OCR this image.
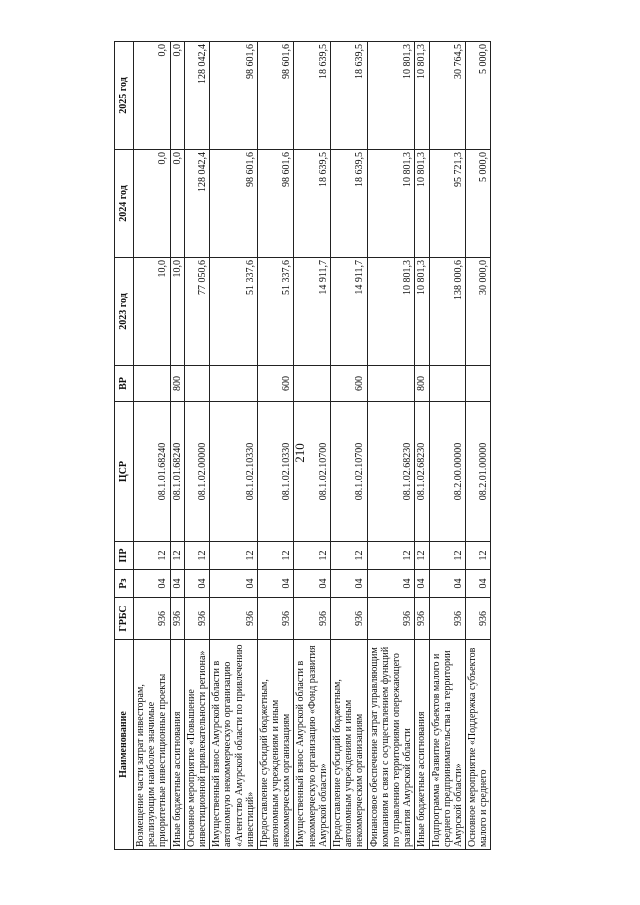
210
Наименование	ГРБС	Рз	ПР	ЦСР	ВР	2023 год	2024 год	2025 год
Возмещение части затрат инвесторам, реализующим наиболее значимые приоритетные инвестиционные проекты	936	04	12	08.1.01.68240		10,0	0,0	0,0
Иные бюджетные ассигнования	936	04	12	08.1.01.68240	800	10,0	0,0	0,0
Основное мероприятие «Повышение инвестиционной привлекательности региона»	936	04	12	08.1.02.00000		77 050,6	128 042,4	128 042,4
Имущественный взнос Амурской области в автономную некоммерческую организацию «Агентство Амурской области по привлечению инвестиций»	936	04	12	08.1.02.10330		51 337,6	98 601,6	98 601,6
Предоставление субсидий бюджетным, автономным учреждениям и иным некоммерческим организациям	936	04	12	08.1.02.10330	600	51 337,6	98 601,6	98 601,6
Имущественный взнос Амурской области в некоммерческую организацию «Фонд развития Амурской области»	936	04	12	08.1.02.10700		14 911,7	18 639,5	18 639,5
Предоставление субсидий бюджетным, автономным учреждениям и иным некоммерческим организациям	936	04	12	08.1.02.10700	600	14 911,7	18 639,5	18 639,5
Финансовое обеспечение затрат управляющим компаниям в связи с осуществлением функций по управлению территориями опережающего развития Амурской области	936	04	12	08.1.02.68230		10 801,3	10 801,3	10 801,3
Иные бюджетные ассигнования	936	04	12	08.1.02.68230	800	10 801,3	10 801,3	10 801,3
Подпрограмма «Развитие субъектов малого и среднего предпринимательства на территории Амурской области»	936	04	12	08.2.00.00000		138 000,6	95 721,3	30 764,5
Основное мероприятие «Поддержка субъектов малого и среднего	936	04	12	08.2.01.00000		30 000,0	5 000,0	5 000,0
